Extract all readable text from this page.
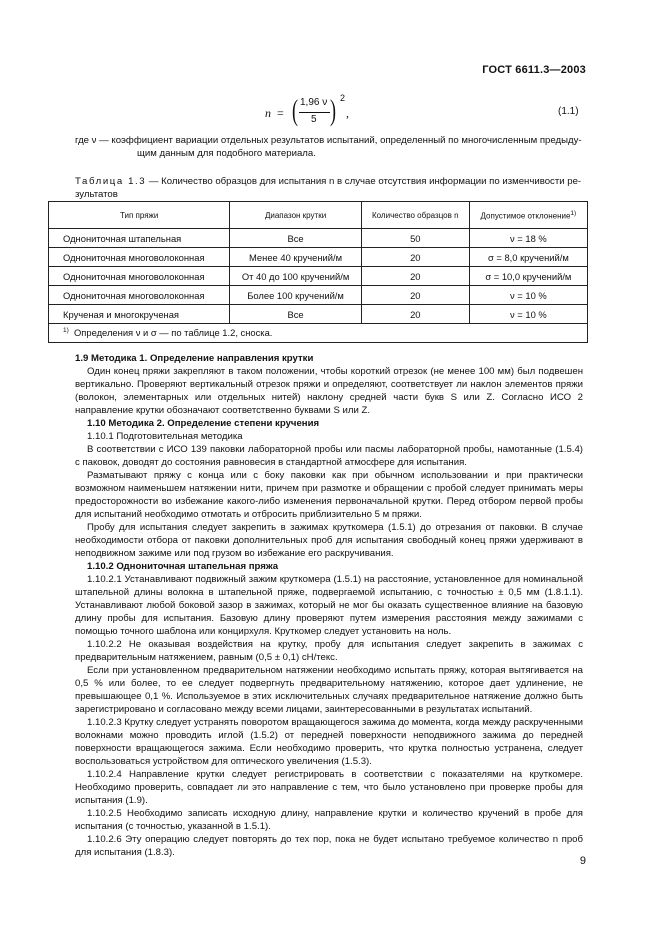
ГОСТ 6611.3—2003
n = ( 1,96 ν
5 ) 2
,	(1.1)
где ν — коэффициент вариации отдельных результатов испытаний, определенный по многочисленным предыду-
щим данным для подобного материала.
Таблица 1.3 — Количество образцов для испытания n в случае отсутствия информации по изменчивости ре-
зультатов
Тип пряжи	Диапазон крутки	Количество образцов n	Допустимое отклонение$^{1)}$
Однониточная штапельная	Все	50	ν = 18 %
Однониточная многоволоконная	Менее 40 кручений/м	20	σ = 8,0 кручений/м
Однониточная многоволоконная	От 40 до 100 кручений/м	20	σ = 10,0 кручений/м
Однониточная многоволоконная	Более 100 кручений/м	20	ν = 10 %
Крученая и многокрученая	Все	20	ν = 10 %
$^{1)}$ Определения ν и σ — по таблице 1.2, сноска.			
1.9 Методика 1. Определение направления крутки
Один конец пряжи закрепляют в таком положении, чтобы короткий отрезок (не менее 100 мм) был подвешен вертикально. Проверяют вертикальный отрезок пряжи и определяют, соответствует ли наклон элементов пряжи (волокон, элементарных или отдельных нитей) наклону средней части букв S или Z. Согласно ИСО 2 направление крутки обозначают соответственно буквами S или Z.
1.10 Методика 2. Определение степени кручения
1.10.1 Подготовительная методика
В соответствии с ИСО 139 паковки лабораторной пробы или пасмы лабораторной пробы, намотанные (1.5.4) с паковок, доводят до состояния равновесия в стандартной атмосфере для испытания.
Разматывают пряжу с конца или с боку паковки как при обычном использовании и при практически возможном наименьшем натяжении нити, причем при размотке и обращении с пробой следует принимать меры предосторожности во избежание какого-либо изменения первоначальной крутки. Перед отбором первой пробы для испытаний необходимо отмотать и отбросить приблизительно 5 м пряжи.
Пробу для испытания следует закрепить в зажимах круткомера (1.5.1) до отрезания от паковки. В случае необходимости отбора от паковки дополнительных проб для испытания свободный конец пряжи удерживают в неподвижном зажиме или под грузом во избежание его раскручивания.
1.10.2 Однониточная штапельная пряжа
1.10.2.1 Устанавливают подвижный зажим круткомера (1.5.1) на расстояние, установленное для номинальной штапельной длины волокна в штапельной пряже, подвергаемой испытанию, с точностью ± 0,5 мм (1.8.1.1). Устанавливают любой боковой зазор в зажимах, который не мог бы оказать существенное влияние на базовую длину пробы для испытания. Базовую длину проверяют путем измерения расстояния между зажимами с помощью точного шаблона или концирхуля. Круткомер следует установить на ноль.
1.10.2.2 Не оказывая воздействия на крутку, пробу для испытания следует закрепить в зажимах с предварительным натяжением, равным (0,5 ± 0,1) сН/текс.
Если при установленном предварительном натяжении необходимо испытать пряжу, которая вытягивается на 0,5 % или более, то ее следует подвергнуть предварительному натяжению, которое дает удлинение, не превышающее 0,1 %. Используемое в этих исключительных случаях предварительное натяжение должно быть зарегистрировано и согласовано между всеми лицами, заинтересованными в результатах испытаний.
1.10.2.3 Крутку следует устранять поворотом вращающегося зажима до момента, когда между раскрученными волокнами можно проводить иглой (1.5.2) от передней поверхности неподвижного зажима до передней поверхности вращающегося зажима. Если необходимо проверить, что крутка полностью устранена, следует воспользоваться устройством для оптического увеличения (1.5.3).
1.10.2.4 Направление крутки следует регистрировать в соответствии с показателями на круткомере. Необходимо проверить, совпадает ли это направление с тем, что было установлено при проверке пробы для испытания (1.9).
1.10.2.5 Необходимо записать исходную длину, направление крутки и количество кручений в пробе для испытания (с точностью, указанной в 1.5.1).
1.10.2.6 Эту операцию следует повторять до тех пор, пока не будет испытано требуемое количество n проб для испытания (1.8.3).
9
